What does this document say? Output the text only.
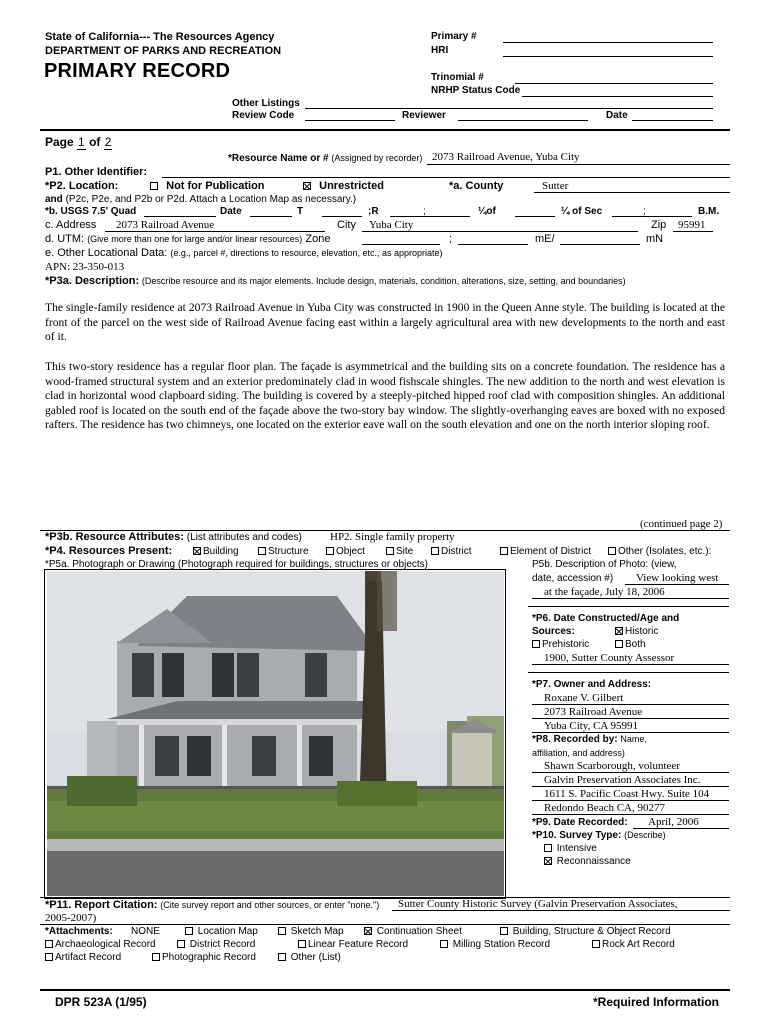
State of California--- The Resources Agency
DEPARTMENT OF PARKS AND RECREATION
PRIMARY RECORD
Primary #
HRI
Trinomial #
NRHP Status Code
Other Listings
Review Code	Reviewer	Date
Page 1 of 2
*Resource Name or # (Assigned by recorder) 2073 Railroad Avenue, Yuba City
P1. Other Identifier:
*P2. Location:	Not for Publication	Unrestricted	*a. County	Sutter
and (P2c, P2e, and P2b or P2d. Attach a Location Map as necessary.)
*b. USGS 7.5' Quad	Date	T	;R	;	¼of	¼ of Sec	;	B.M.
c. Address 2073 Railroad Avenue	City Yuba City	Zip 95991
d. UTM: (Give more than one for large and/or linear resources) Zone	;	mE/	mN
e. Other Locational Data: (e.g., parcel #, directions to resource, elevation, etc., as appropriate)
APN: 23-350-013
*P3a. Description: (Describe resource and its major elements. Include design, materials, condition, alterations, size, setting, and boundaries)
The single-family residence at 2073 Railroad Avenue in Yuba City was constructed in 1900 in the Queen Anne style. The building is located at the front of the parcel on the west side of Railroad Avenue facing east within a largely agricultural area with new developments to the north and east of it.
This two-story residence has a regular floor plan. The façade is asymmetrical and the building sits on a concrete foundation. The residence has a wood-framed structural system and an exterior predominately clad in wood fishscale shingles. The new addition to the north and west elevation is clad in horizontal wood clapboard siding. The building is covered by a steeply-pitched hipped roof clad with composition shingles. An additional gabled roof is located on the south end of the façade above the two-story bay window. The slightly-overhanging eaves are boxed with no exposed rafters. The residence has two chimneys, one located on the exterior eave wall on the south elevation and one on the north interior sloping roof.
(continued page 2)
*P3b. Resource Attributes: (List attributes and codes)	HP2. Single family property
*P4. Resources Present:	Building	Structure	Object	Site	District	Element of District	Other (Isolates, etc.):
*P5a. Photograph or Drawing (Photograph required for buildings, structures or objects)	P5b. Description of Photo: (view,
date, accession #) View looking west
at the façade, July 18, 2006
*P6. Date Constructed/Age and
Sources:	Historic
Prehistoric	Both
1900, Sutter County Assessor
*P7. Owner and Address:
Roxane V. Gilbert
2073 Railroad Avenue
Yuba City, CA 95991
*P8. Recorded by: Name,
affiliation, and address)
Shawn Scarborough, volunteer
Galvin Preservation Associates Inc.
1611 S. Pacific Coast Hwy. Suite 104
Redondo Beach CA, 90277
*P9. Date Recorded: April, 2006
*P10. Survey Type: (Describe)
Intensive
Reconnaissance
*P11. Report Citation: (Cite survey report and other sources, or enter "none.") Sutter County Historic Survey (Galvin Preservation Associates,
2005-2007)
*Attachments: NONE	Location Map	Sketch Map	Continuation Sheet	Building, Structure & Object Record
Archaeological Record	District Record	Linear Feature Record	Milling Station Record	Rock Art Record
Artifact Record	Photographic Record	Other (List)
DPR 523A (1/95)	*Required Information
